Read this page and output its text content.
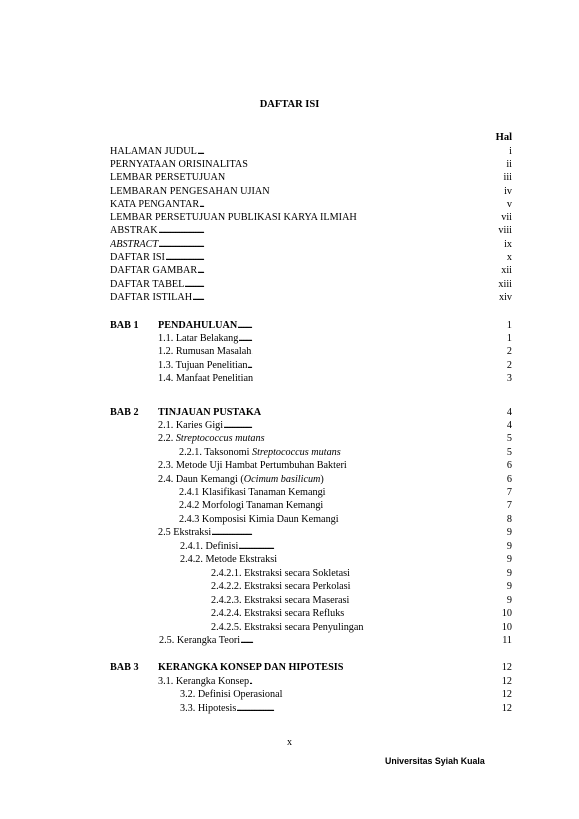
DAFTAR ISI
Hal
HALAMAN JUDUL . . .	i
PERNYATAAN ORISINALITAS . . .	ii
LEMBAR PERSETUJUAN . . .	iii
LEMBARAN PENGESAHAN UJIAN . . .	iv
KATA PENGANTAR . . .	v
LEMBAR PERSETUJUAN PUBLIKASI KARYA ILMIAH . . .	vii
ABSTRAK . . .	viii
ABSTRACT . . .	ix
DAFTAR ISI . . .	x
DAFTAR GAMBAR . . .	xii
DAFTAR TABEL . . .	xiii
DAFTAR ISTILAH . . .	xiv
BAB 1 PENDAHULUAN . . .	1
1.1. Latar Belakang . . .	1
1.2. Rumusan Masalah . . .	2
1.3. Tujuan Penelitian . . .	2
1.4. Manfaat Penelitian . . .	3
BAB 2 TINJAUAN PUSTAKA . . .	4
2.1. Karies Gigi . . .	4
2.2. Streptococcus mutans . . .	5
2.2.1. Taksonomi Streptococcus mutans . . .	5
2.3. Metode Uji Hambat Pertumbuhan Bakteri . . .	6
2.4. Daun Kemangi (Ocimum basilicum) . . .	6
2.4.1 Klasifikasi Tanaman Kemangi . . .	7
2.4.2 Morfologi Tanaman Kemangi . . .	7
2.4.3 Komposisi Kimia Daun Kemangi . . .	8
2.5 Ekstraksi . . .	9
2.4.1. Definisi . . .	9
2.4.2. Metode Ekstraksi . . .	9
2.4.2.1. Ekstraksi secara Sokletasi . . .	9
2.4.2.2. Ekstraksi secara Perkolasi . . .	9
2.4.2.3. Ekstraksi secara Maserasi . . .	9
2.4.2.4. Ekstraksi secara Refluks . . .	10
2.4.2.5. Ekstraksi secara Penyulingan . . .	10
2.5. Kerangka Teori . . .	11
BAB 3 KERANGKA KONSEP DAN HIPOTESIS . . .	12
3.1. Kerangka Konsep . . .	12
3.2. Definisi Operasional . . .	12
3.3. Hipotesis . . .	12
x
Universitas Syiah Kuala
